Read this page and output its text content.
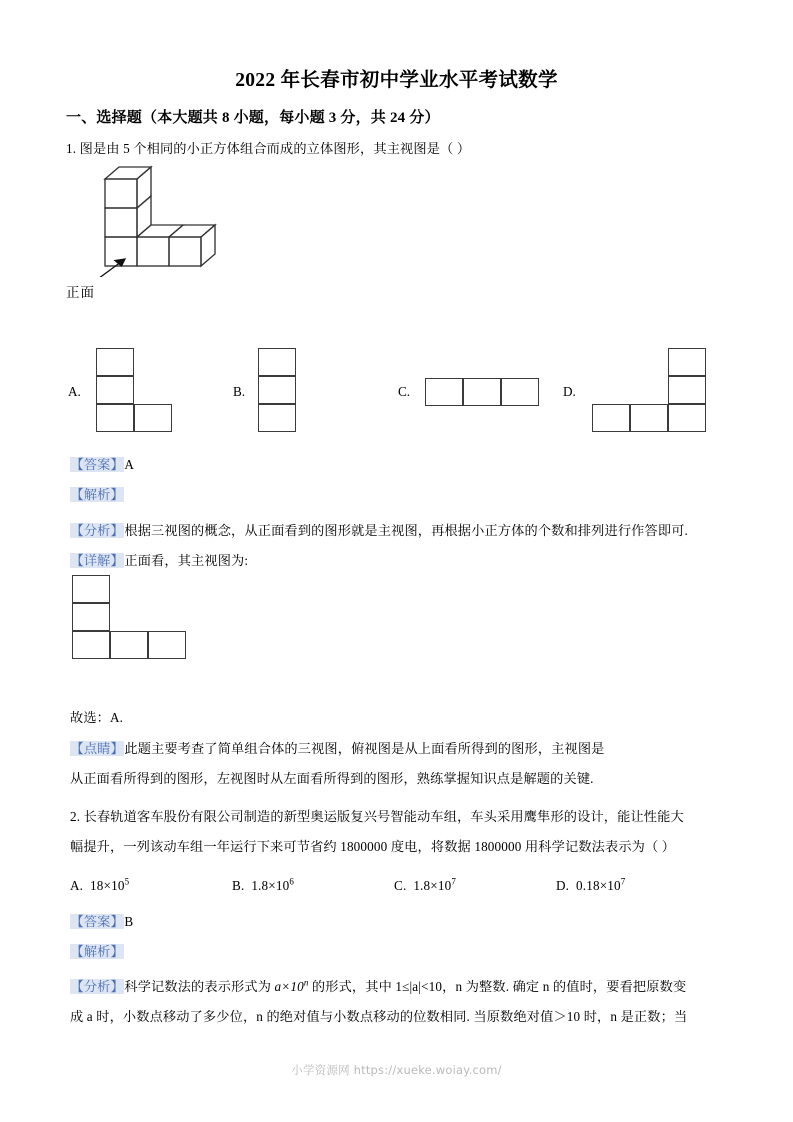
2022 年长春市初中学业水平考试数学
一、选择题（本大题共 8 小题，每小题 3 分，共 24 分）
1. 图是由 5 个相同的小正方体组合而成的立体图形，其主视图是（ ）
正面
A.	B.	C.	D.
【答案】A
【解析】
【分析】根据三视图的概念，从正面看到的图形就是主视图，再根据小正方体的个数和排列进行作答即可.
【详解】正面看，其主视图为:
故选：A.
【点睛】此题主要考查了简单组合体的三视图，俯视图是从上面看所得到的图形，主视图是
从正面看所得到的图形，左视图时从左面看所得到的图形，熟练掌握知识点是解题的关键.
2. 长春轨道客车股份有限公司制造的新型奥运版复兴号智能动车组，车头采用鹰隼形的设计，能让性能大
幅提升，一列该动车组一年运行下来可节省约 1800000 度电，将数据 1800000 用科学记数法表示为（ ）
A. $18\times 10^5$	B. $1.8\times 10^6$	C. $1.8\times 10^7$	D. $0.18\times 10^7$
【答案】B
【解析】
【分析】科学记数法的表示形式为 $a\times 10^n$ 的形式，其中 1≤|a|<10，n 为整数. 确定 n 的值时，要看把原数变
成 a 时，小数点移动了多少位，n 的绝对值与小数点移动的位数相同. 当原数绝对值＞10 时，n 是正数；当
小学资源网 https://xueke.woiay.com/
